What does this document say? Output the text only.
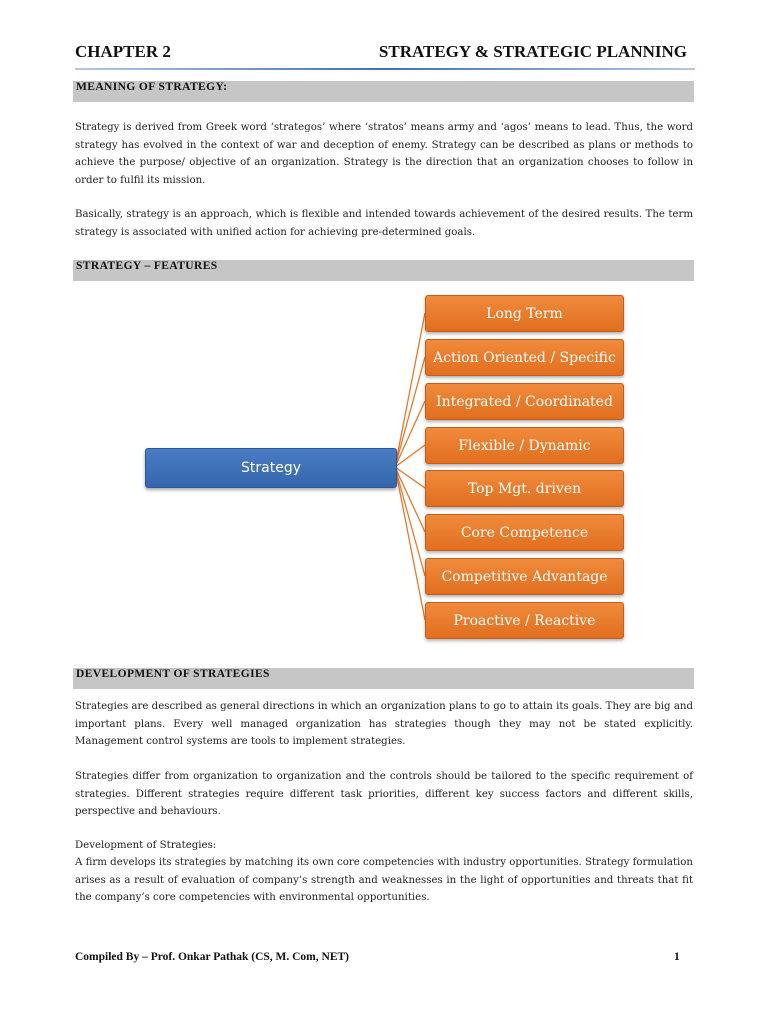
CHAPTER 2	STRATEGY & STRATEGIC PLANNING
MEANING OF STRATEGY:

Strategy is derived from Greek word ‘strategos’ where ‘stratos’ means army and ‘agos’ means to lead. Thus, the word strategy has evolved in the context of war and deception of enemy. Strategy can be described as plans or methods to achieve the purpose/ objective of an organization. Strategy is the direction that an organization chooses to follow in order to fulfil its mission.

Basically, strategy is an approach, which is flexible and intended towards achievement of the desired results. The term strategy is associated with unified action for achieving pre-determined goals.

STRATEGY – FEATURES
Strategy
Long Term
Action Oriented / Specific
Integrated / Coordinated
Flexible / Dynamic
Top Mgt. driven
Core Competence
Competitive Advantage
Proactive / Reactive
DEVELOPMENT OF STRATEGIES

Strategies are described as general directions in which an organization plans to go to attain its goals. They are big and important plans. Every well managed organization has strategies though they may not be stated explicitly. Management control systems are tools to implement strategies.

Strategies differ from organization to organization and the controls should be tailored to the specific requirement of strategies. Different strategies require different task priorities, different key success factors and different skills, perspective and behaviours.

Development of Strategies:

A firm develops its strategies by matching its own core competencies with industry opportunities. Strategy formulation arises as a result of evaluation of company’s strength and weaknesses in the light of opportunities and threats that fit the company’s core competencies with environmental opportunities.

Compiled By – Prof. Onkar Pathak (CS, M. Com, NET)	1
